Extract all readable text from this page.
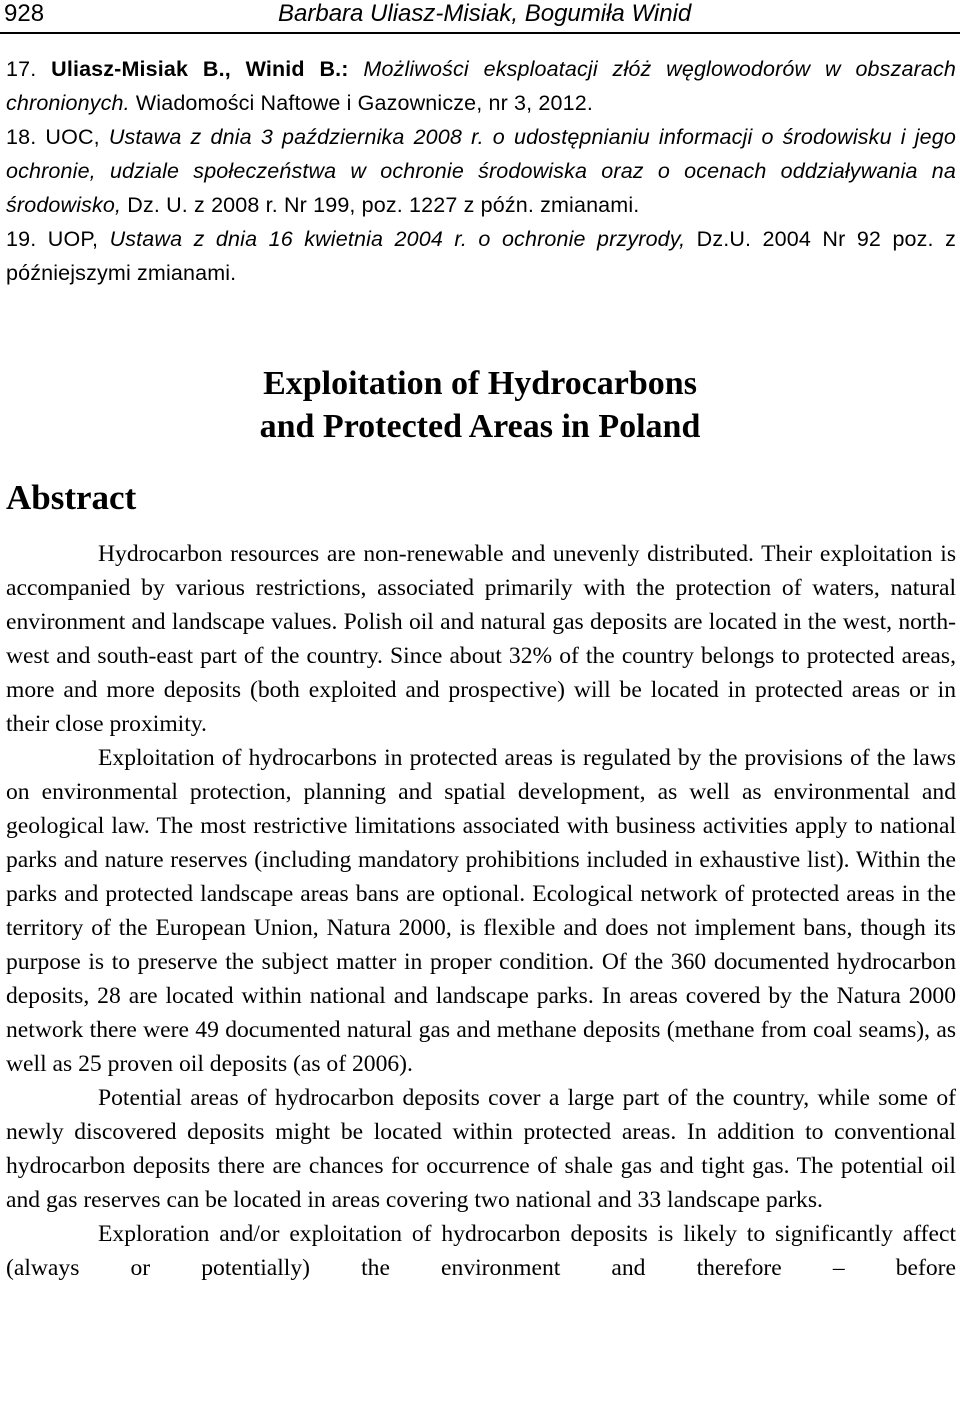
928	Barbara Uliasz-Misiak, Bogumiła Winid
17. Uliasz-Misiak B., Winid B.: Możliwości eksploatacji złóż węglowodorów w obszarach chronionych. Wiadomości Naftowe i Gazownicze, nr 3, 2012.
18. UOC, Ustawa z dnia 3 października 2008 r. o udostępnianiu informacji o środowisku i jego ochronie, udziale społeczeństwa w ochronie środowiska oraz o ocenach oddziaływania na środowisko, Dz. U. z 2008 r. Nr 199, poz. 1227 z późn. zmianami.
19. UOP, Ustawa z dnia 16 kwietnia 2004 r. o ochronie przyrody, Dz.U. 2004 Nr 92 poz. z późniejszymi zmianami.
Exploitation of Hydrocarbons
and Protected Areas in Poland
Abstract

Hydrocarbon resources are non-renewable and unevenly distributed. Their exploitation is accompanied by various restrictions, associated primarily with the protection of waters, natural environment and landscape values. Polish oil and natural gas deposits are located in the west, north-west and south-east part of the country. Since about 32% of the country belongs to protected areas, more and more deposits (both exploited and prospective) will be located in protected areas or in their close proximity.

Exploitation of hydrocarbons in protected areas is regulated by the provisions of the laws on environmental protection, planning and spatial development, as well as environmental and geological law. The most restrictive limitations associated with business activities apply to national parks and nature reserves (including mandatory prohibitions included in exhaustive list). Within the parks and protected landscape areas bans are optional. Ecological network of protected areas in the territory of the European Union, Natura 2000, is flexible and does not implement bans, though its purpose is to preserve the subject matter in proper condition. Of the 360 documented hydrocarbon deposits, 28 are located within national and landscape parks. In areas covered by the Natura 2000 network there were 49 documented natural gas and methane deposits (methane from coal seams), as well as 25 proven oil deposits (as of 2006).

Potential areas of hydrocarbon deposits cover a large part of the country, while some of newly discovered deposits might be located within protected areas. In addition to conventional hydrocarbon deposits there are chances for occurrence of shale gas and tight gas. The potential oil and gas reserves can be located in areas covering two national and 33 landscape parks.

Exploration and/or exploitation of hydrocarbon deposits is likely to significantly affect (always or potentially) the environment and therefore – before
